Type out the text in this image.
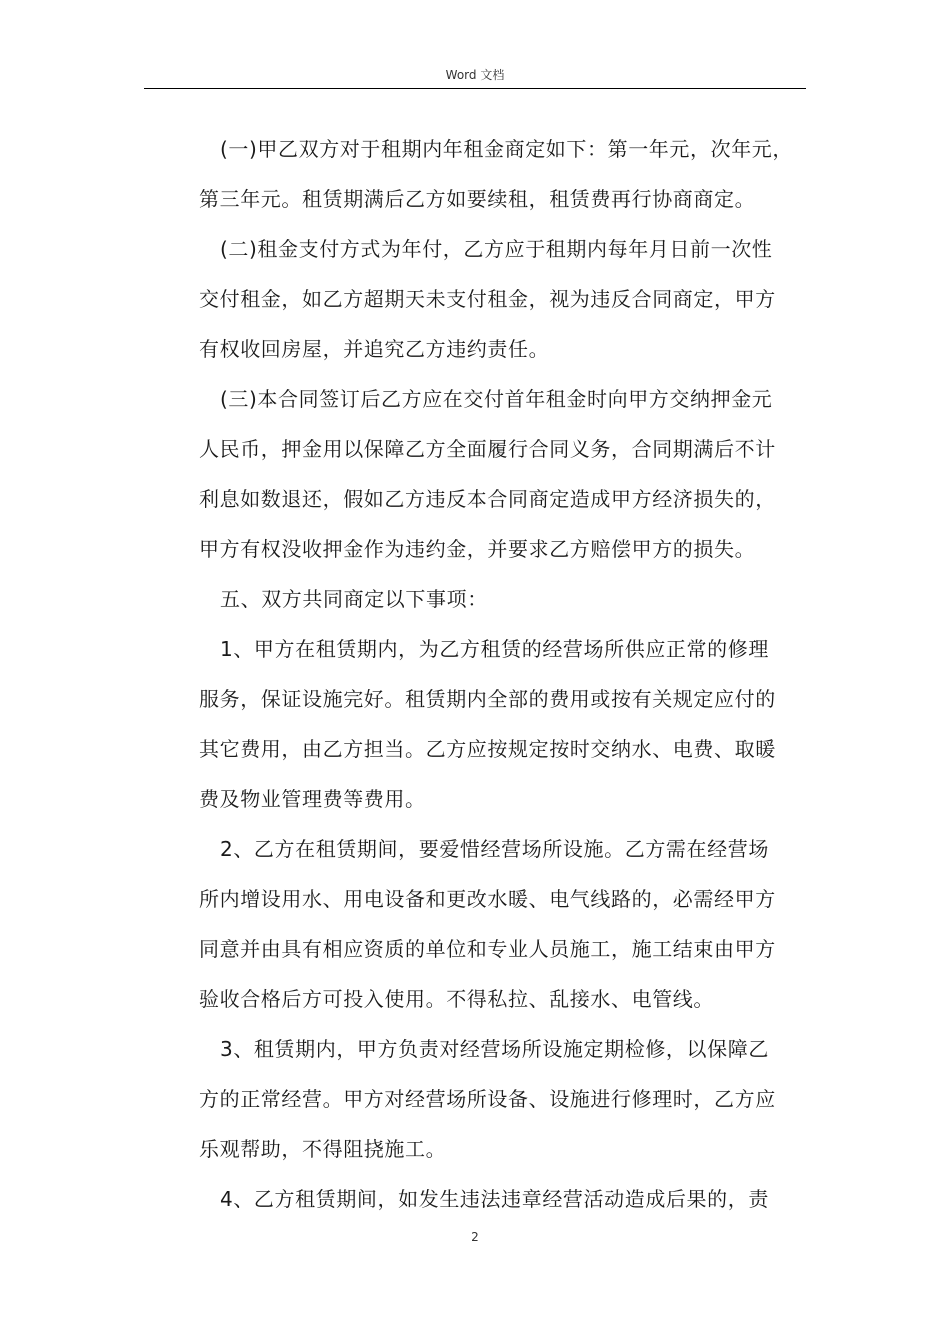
Word 文档
(一)甲乙双方对于租期内年租金商定如下：第一年元，次年元，
第三年元。租赁期满后乙方如要续租，租赁费再行协商商定。
(二)租金支付方式为年付，乙方应于租期内每年月日前一次性
交付租金，如乙方超期天未支付租金，视为违反合同商定，甲方
有权收回房屋，并追究乙方违约责任。
(三)本合同签订后乙方应在交付首年租金时向甲方交纳押金元
人民币，押金用以保障乙方全面履行合同义务，合同期满后不计
利息如数退还，假如乙方违反本合同商定造成甲方经济损失的，
甲方有权没收押金作为违约金，并要求乙方赔偿甲方的损失。
五、双方共同商定以下事项：
1、甲方在租赁期内，为乙方租赁的经营场所供应正常的修理
服务，保证设施完好。租赁期内全部的费用或按有关规定应付的
其它费用，由乙方担当。乙方应按规定按时交纳水、电费、取暖
费及物业管理费等费用。
2、乙方在租赁期间，要爱惜经营场所设施。乙方需在经营场
所内增设用水、用电设备和更改水暖、电气线路的，必需经甲方
同意并由具有相应资质的单位和专业人员施工，施工结束由甲方
验收合格后方可投入使用。不得私拉、乱接水、电管线。
3、租赁期内，甲方负责对经营场所设施定期检修，以保障乙
方的正常经营。甲方对经营场所设备、设施进行修理时，乙方应
乐观帮助，不得阻挠施工。
4、乙方租赁期间，如发生违法违章经营活动造成后果的，责
2
